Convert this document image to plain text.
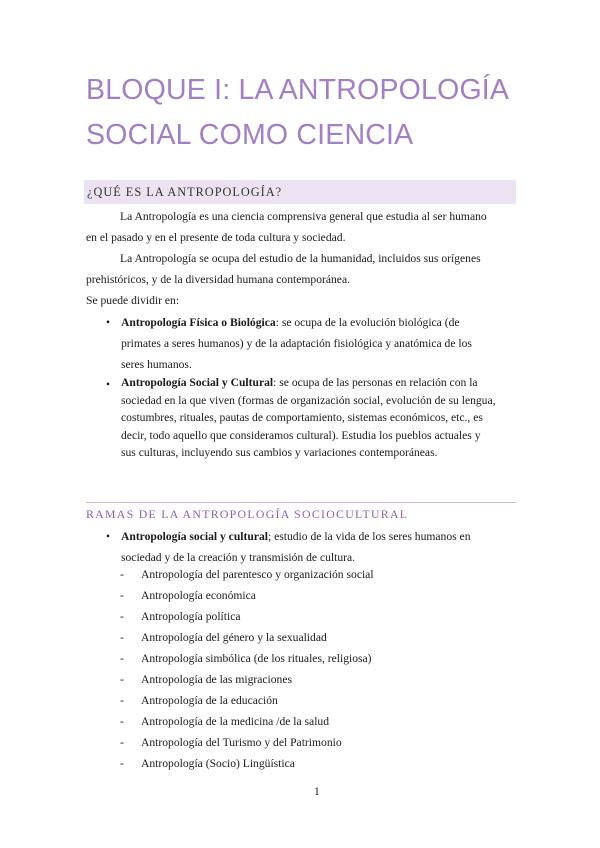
BLOQUE I: LA ANTROPOLOGÍA
SOCIAL COMO CIENCIA
¿QUÉ ES LA ANTROPOLOGÍA?

La Antropología es una ciencia comprensiva general que estudia al ser humano

en el pasado y en el presente de toda cultura y sociedad.

La Antropología se ocupa del estudio de la humanidad, incluidos sus orígenes

prehistóricos, y de la diversidad humana contemporánea.

Se puede dividir en:

• Antropología Física o Biológica: se ocupa de la evolución biológica (de
primates a seres humanos) y de la adaptación fisiológica y anatómica de los
seres humanos.

• Antropología Social y Cultural: se ocupa de las personas en relación con la
sociedad en la que viven (formas de organización social, evolución de su lengua,
costumbres, rituales, pautas de comportamiento, sistemas económicos, etc., es
decir, todo aquello que consideramos cultural). Estudia los pueblos actuales y
sus culturas, incluyendo sus cambios y variaciones contemporáneas.

RAMAS DE LA ANTROPOLOGÍA SOCIOCULTURAL
• Antropología social y cultural; estudio de la vida de los seres humanos en
sociedad y de la creación y transmisión de cultura.

- Antropología del parentesco y organización social
- Antropología económica
- Antropología política
- Antropología del género y la sexualidad
- Antropología simbólica (de los rituales, religiosa)
- Antropología de las migraciones
- Antropología de la educación
- Antropología de la medicina /de la salud
- Antropología del Turismo y del Patrimonio
- Antropología (Socio) Lingüística
1
